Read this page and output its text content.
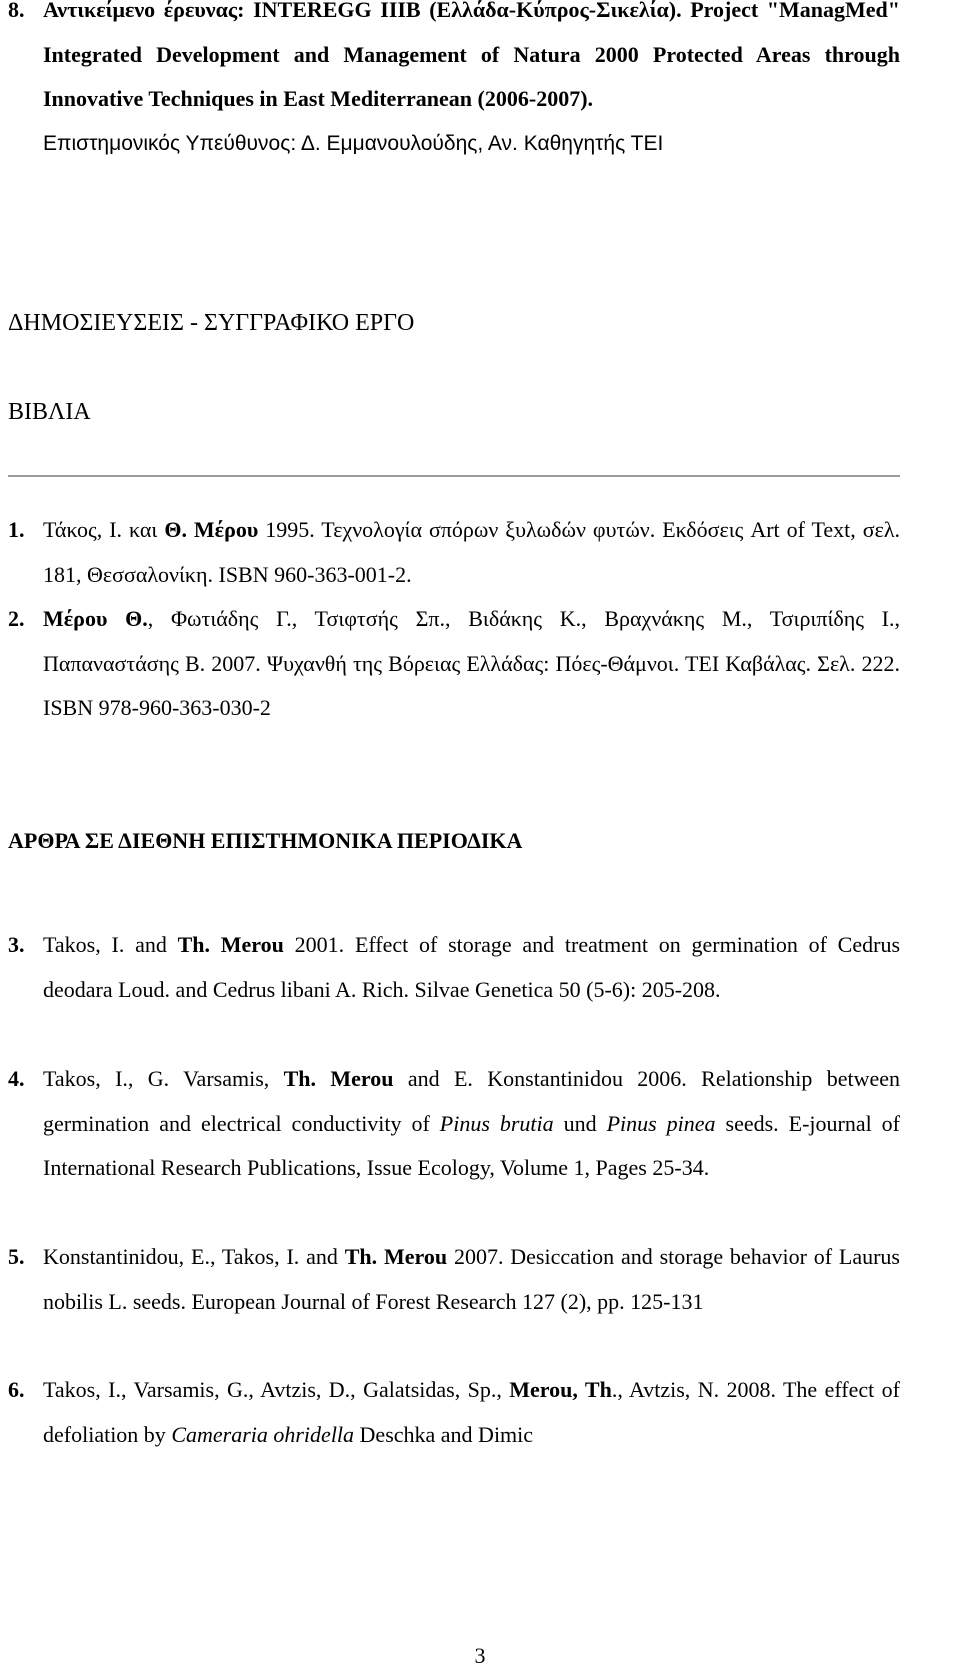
8. Αντικείμενο έρευνας: INTEREGG IIIB (Ελλάδα-Κύπρος-Σικελία). Project "ManagMed" Integrated Development and Management of Natura 2000 Protected Areas through Innovative Techniques in East Mediterranean (2006-2007).
Επιστημονικός Υπεύθυνος: Δ. Εμμανουλούδης, Αν. Καθηγητής ΤΕΙ
ΔΗΜΟΣΙΕΥΣΕΙΣ - ΣΥΓΓΡΑΦΙΚΟ ΕΡΓΟ
ΒΙΒΛΙΑ
1. Τάκος, Ι. και Θ. Μέρου 1995. Τεχνολογία σπόρων ξυλωδών φυτών. Εκδόσεις Art of Text, σελ. 181, Θεσσαλονίκη. ISBN 960-363-001-2.
2. Μέρου Θ., Φωτιάδης Γ., Τσιφτσής Σπ., Βιδάκης Κ., Βραχνάκης Μ., Τσιριπίδης Ι., Παπαναστάσης Β. 2007. Ψυχανθή της Βόρειας Ελλάδας: Πόες-Θάμνοι. ΤΕΙ Καβάλας. Σελ. 222. ISBN 978-960-363-030-2
ΑΡΘΡΑ ΣΕ ΔΙΕΘΝΗ ΕΠΙΣΤΗΜΟΝΙΚΑ ΠΕΡΙΟΔΙΚΑ
3. Takos, I. and Th. Merou 2001. Effect of storage and treatment on germination of Cedrus deodara Loud. and Cedrus libani A. Rich. Silvae Genetica 50 (5-6): 205-208.
4. Takos, I., G. Varsamis, Th. Merou and E. Konstantinidou 2006. Relationship between germination and electrical conductivity of Pinus brutia und Pinus pinea seeds. E-journal of International Research Publications, Issue Ecology, Volume 1, Pages 25-34.
5. Konstantinidou, E., Takos, I. and Th. Merou 2007. Desiccation and storage behavior of Laurus nobilis L. seeds. European Journal of Forest Research 127 (2), pp. 125-131
6. Takos, I., Varsamis, G., Avtzis, D., Galatsidas, Sp., Merou, Th., Avtzis, N. 2008. The effect of defoliation by Cameraria ohridella Deschka and Dimic
3
